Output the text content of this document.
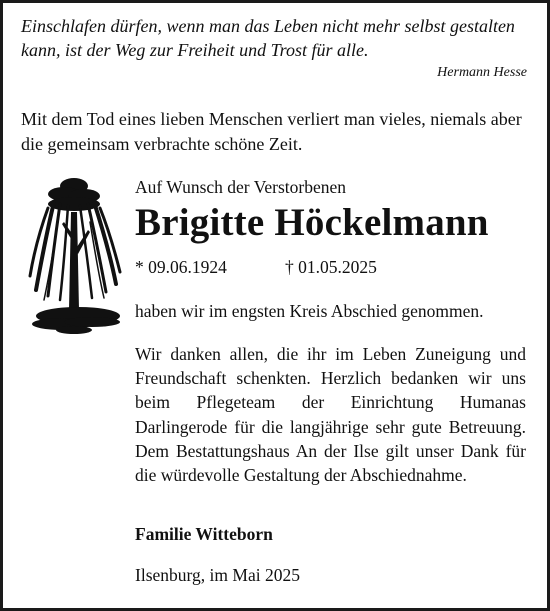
Einschlafen dürfen, wenn man das Leben nicht mehr selbst gestalten kann, ist der Weg zur Freiheit und Trost für alle.
Hermann Hesse
Mit dem Tod eines lieben Menschen verliert man vieles, niemals aber die gemeinsam verbrachte schöne Zeit.
Auf Wunsch der Verstorbenen
Brigitte Höckelmann
* 09.06.1924	† 01.05.2025
haben wir im engsten Kreis Abschied genommen.
Wir danken allen, die ihr im Leben Zuneigung und Freundschaft schenkten. Herzlich bedanken wir uns beim Pflegeteam der Einrichtung Humanas Darlingerode für die langjährige sehr gute Betreuung. Dem Bestattungshaus An der Ilse gilt unser Dank für die würdevolle Gestaltung der Abschiednahme.
Familie Witteborn
Ilsenburg, im Mai 2025
